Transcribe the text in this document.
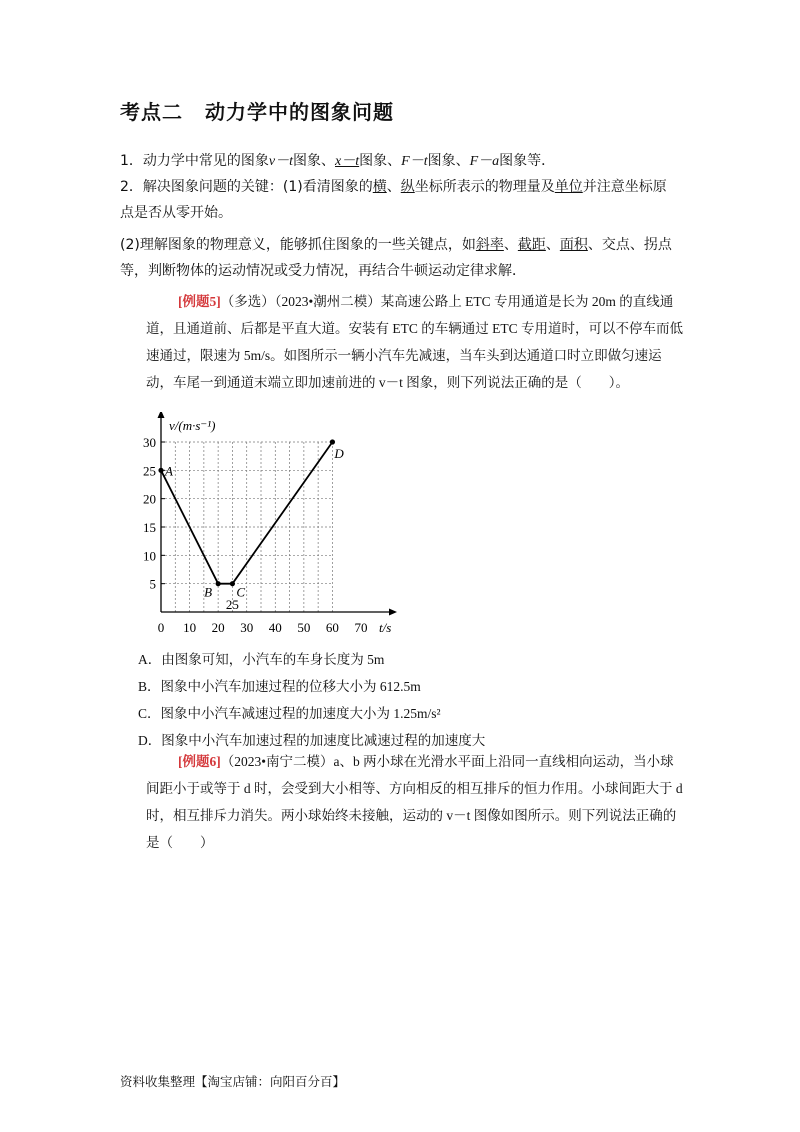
考点二 动力学中的图象问题
1．动力学中常见的图象v－t图象、x－t图象、F－t图象、F－a图象等．
2．解决图象问题的关键：(1)看清图象的横、纵坐标所表示的物理量及单位并注意坐标原
点是否从零开始。
(2)理解图象的物理意义，能够抓住图象的一些关键点，如斜率、截距、面积、交点、拐点
等，判断物体的运动情况或受力情况，再结合牛顿运动定律求解．
[例题5]（多选）（2023•潮州二模）某高速公路上 ETC 专用通道是长为 20m 的直线通道，且通道前、后都是平直大道。安装有 ETC 的车辆通过 ETC 专用道时，可以不停车而低速通过，限速为 5m/s。如图所示一辆小汽车先减速，当车头到达通道口时立即做匀速运动，车尾一到通道末端立即加速前进的 v－t 图象，则下列说法正确的是（　　）。
0 10 20 30 40 50 60 70
5
10
15
20
25
30
v/(m·s⁻¹)
t/s
A
B C
D
25
A．由图象可知，小汽车的车身长度为 5m
B．图象中小汽车加速过程的位移大小为 612.5m
C．图象中小汽车减速过程的加速度大小为 1.25m/s²
D．图象中小汽车加速过程的加速度比减速过程的加速度大
[例题6]（2023•南宁二模）a、b 两小球在光滑水平面上沿同一直线相向运动，当小球间距小于或等于 d 时，会受到大小相等、方向相反的相互排斥的恒力作用。小球间距大于 d 时，相互排斥力消失。两小球始终未接触，运动的 v－t 图像如图所示。则下列说法正确的是（　　）
资料收集整理【淘宝店铺：向阳百分百】
